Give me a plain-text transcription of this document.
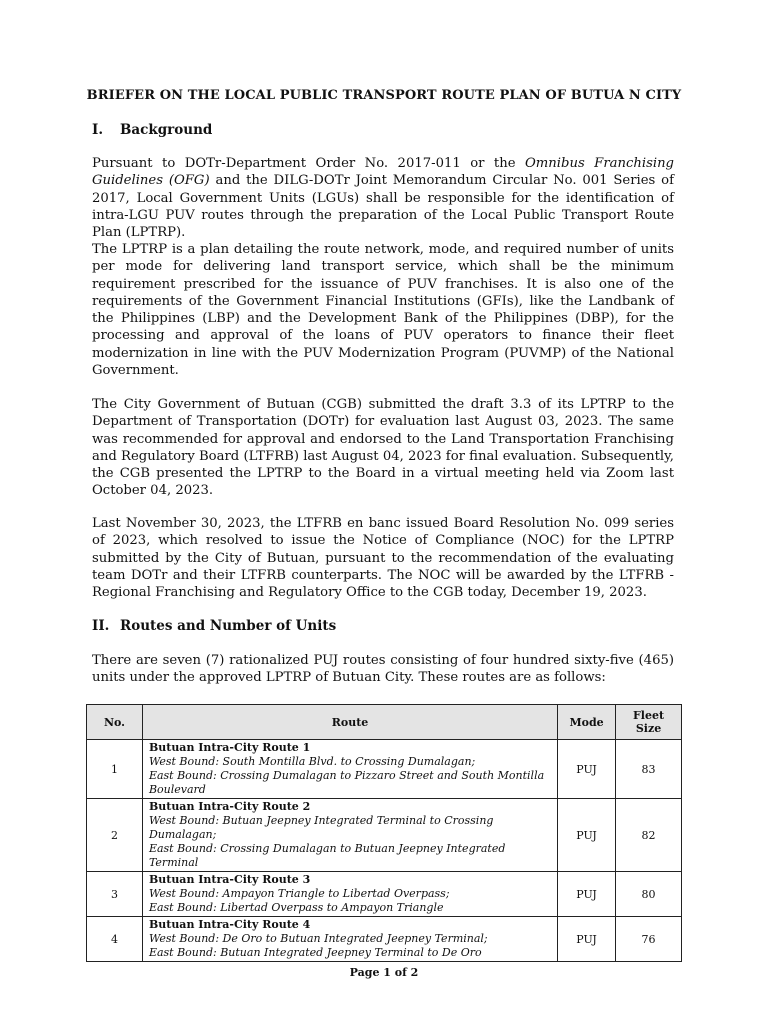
BRIEFER ON THE LOCAL PUBLIC TRANSPORT ROUTE PLAN OF BUTUA N CITY
I. Background

Pursuant to DOTr-Department Order No. 2017-011 or the Omnibus Franchising Guidelines (OFG) and the DILG-DOTr Joint Memorandum Circular No. 001 Series of 2017, Local Government Units (LGUs) shall be responsible for the identification of intra-LGU PUV routes through the preparation of the Local Public Transport Route Plan (LPTRP).

The LPTRP is a plan detailing the route network, mode, and required number of units per mode for delivering land transport service, which shall be the minimum requirement prescribed for the issuance of PUV franchises. It is also one of the requirements of the Government Financial Institutions (GFIs), like the Landbank of the Philippines (LBP) and the Development Bank of the Philippines (DBP), for the processing and approval of the loans of PUV operators to finance their fleet modernization in line with the PUV Modernization Program (PUVMP) of the National Government.

The City Government of Butuan (CGB) submitted the draft 3.3 of its LPTRP to the Department of Transportation (DOTr) for evaluation last August 03, 2023. The same was recommended for approval and endorsed to the Land Transportation Franchising and Regulatory Board (LTFRB) last August 04, 2023 for final evaluation. Subsequently, the CGB presented the LPTRP to the Board in a virtual meeting held via Zoom last October 04, 2023.

Last November 30, 2023, the LTFRB en banc issued Board Resolution No. 099 series of 2023, which resolved to issue the Notice of Compliance (NOC) for the LPTRP submitted by the City of Butuan, pursuant to the recommendation of the evaluating team DOTr and their LTFRB counterparts. The NOC will be awarded by the LTFRB - Regional Franchising and Regulatory Office to the CGB today, December 19, 2023.

II. Routes and Number of Units

There are seven (7) rationalized PUJ routes consisting of four hundred sixty-five (465) units under the approved LPTRP of Butuan City. These routes are as follows:

No.	Route	Mode	Fleet Size
1	Butuan Intra-City Route 1
West Bound: South Montilla Blvd. to Crossing Dumalagan;
East Bound: Crossing Dumalagan to Pizzaro Street and South Montilla Boulevard	PUJ	83
2	Butuan Intra-City Route 2
West Bound: Butuan Jeepney Integrated Terminal to Crossing Dumalagan;
East Bound: Crossing Dumalagan to Butuan Jeepney Integrated Terminal	PUJ	82
3	Butuan Intra-City Route 3
West Bound: Ampayon Triangle to Libertad Overpass;
East Bound: Libertad Overpass to Ampayon Triangle	PUJ	80
4	Butuan Intra-City Route 4
West Bound: De Oro to Butuan Integrated Jeepney Terminal;
East Bound: Butuan Integrated Jeepney Terminal to De Oro	PUJ	76
Page 1 of 2
